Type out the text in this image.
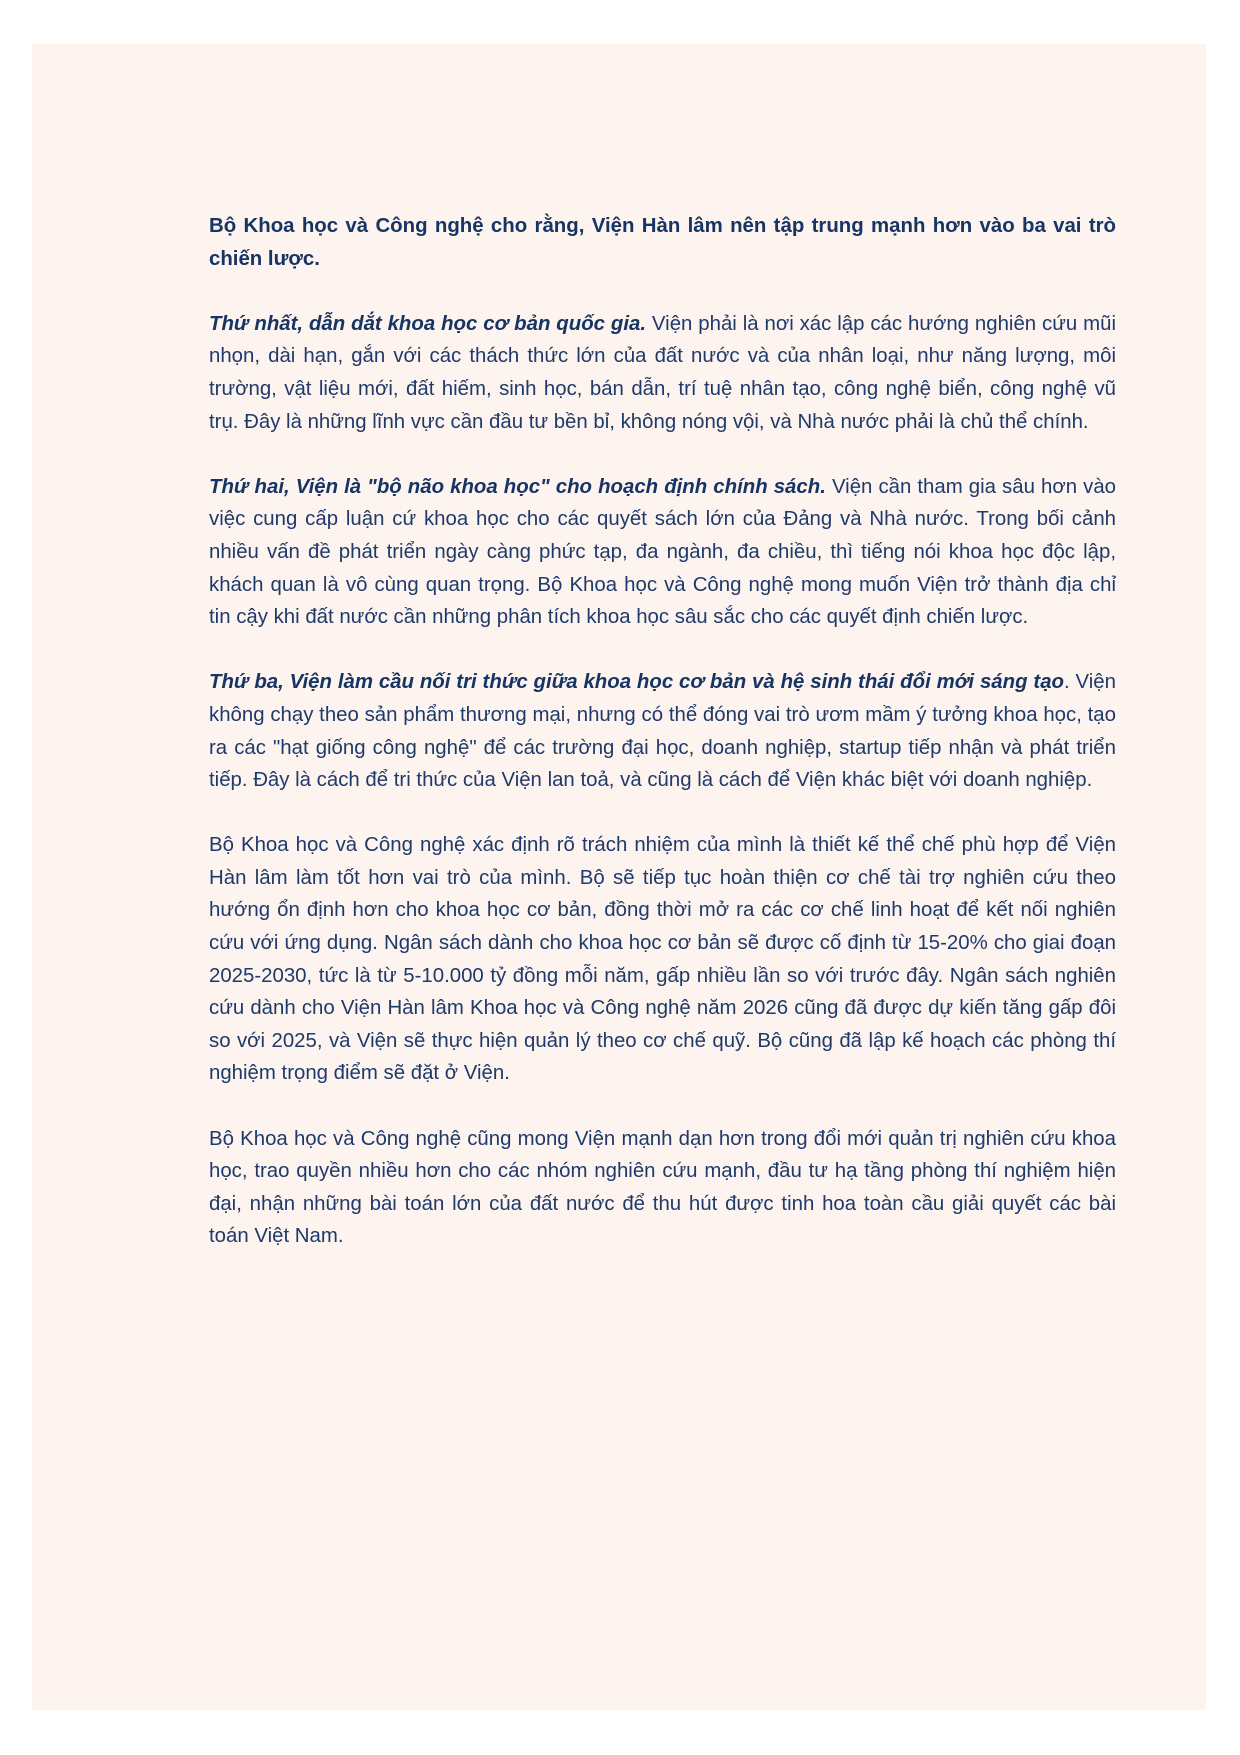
Bộ Khoa học và Công nghệ cho rằng, Viện Hàn lâm nên tập trung mạnh hơn vào ba vai trò chiến lược.

Thứ nhất, dẫn dắt khoa học cơ bản quốc gia. Viện phải là nơi xác lập các hướng nghiên cứu mũi nhọn, dài hạn, gắn với các thách thức lớn của đất nước và của nhân loại, như năng lượng, môi trường, vật liệu mới, đất hiếm, sinh học, bán dẫn, trí tuệ nhân tạo, công nghệ biển, công nghệ vũ trụ. Đây là những lĩnh vực cần đầu tư bền bỉ, không nóng vội, và Nhà nước phải là chủ thể chính.

Thứ hai, Viện là "bộ não khoa học" cho hoạch định chính sách. Viện cần tham gia sâu hơn vào việc cung cấp luận cứ khoa học cho các quyết sách lớn của Đảng và Nhà nước. Trong bối cảnh nhiều vấn đề phát triển ngày càng phức tạp, đa ngành, đa chiều, thì tiếng nói khoa học độc lập, khách quan là vô cùng quan trọng. Bộ Khoa học và Công nghệ mong muốn Viện trở thành địa chỉ tin cậy khi đất nước cần những phân tích khoa học sâu sắc cho các quyết định chiến lược.

Thứ ba, Viện làm cầu nối tri thức giữa khoa học cơ bản và hệ sinh thái đổi mới sáng tạo. Viện không chạy theo sản phẩm thương mại, nhưng có thể đóng vai trò ươm mầm ý tưởng khoa học, tạo ra các "hạt giống công nghệ" để các trường đại học, doanh nghiệp, startup tiếp nhận và phát triển tiếp. Đây là cách để tri thức của Viện lan toả, và cũng là cách để Viện khác biệt với doanh nghiệp.

Bộ Khoa học và Công nghệ xác định rõ trách nhiệm của mình là thiết kế thể chế phù hợp để Viện Hàn lâm làm tốt hơn vai trò của mình. Bộ sẽ tiếp tục hoàn thiện cơ chế tài trợ nghiên cứu theo hướng ổn định hơn cho khoa học cơ bản, đồng thời mở ra các cơ chế linh hoạt để kết nối nghiên cứu với ứng dụng. Ngân sách dành cho khoa học cơ bản sẽ được cố định từ 15-20% cho giai đoạn 2025-2030, tức là từ 5-10.000 tỷ đồng mỗi năm, gấp nhiều lần so với trước đây. Ngân sách nghiên cứu dành cho Viện Hàn lâm Khoa học và Công nghệ năm 2026 cũng đã được dự kiến tăng gấp đôi so với 2025, và Viện sẽ thực hiện quản lý theo cơ chế quỹ. Bộ cũng đã lập kế hoạch các phòng thí nghiệm trọng điểm sẽ đặt ở Viện.

Bộ Khoa học và Công nghệ cũng mong Viện mạnh dạn hơn trong đổi mới quản trị nghiên cứu khoa học, trao quyền nhiều hơn cho các nhóm nghiên cứu mạnh, đầu tư hạ tầng phòng thí nghiệm hiện đại, nhận những bài toán lớn của đất nước để thu hút được tinh hoa toàn cầu giải quyết các bài toán Việt Nam.
